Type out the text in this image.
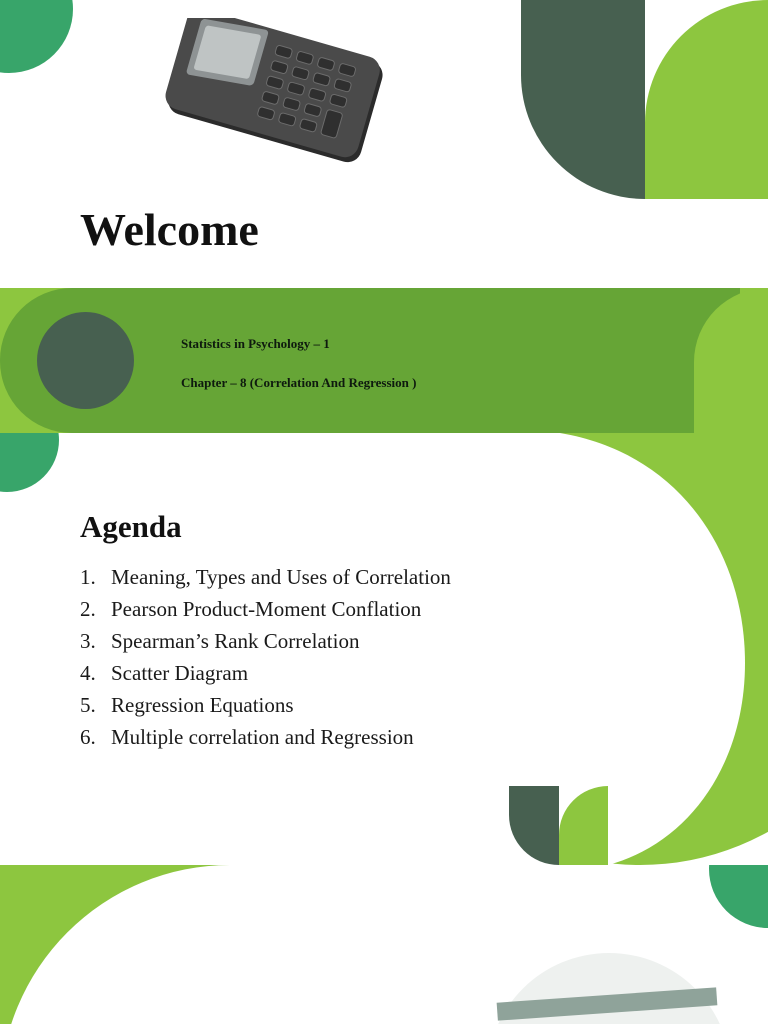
Welcome
Statistics in Psychology – 1
Chapter – 8 (Correlation And Regression )
Agenda
1. Meaning, Types and Uses of Correlation
2. Pearson Product-Moment Conflation
3. Spearman’s Rank Correlation
4. Scatter Diagram
5. Regression Equations
6. Multiple correlation and Regression
